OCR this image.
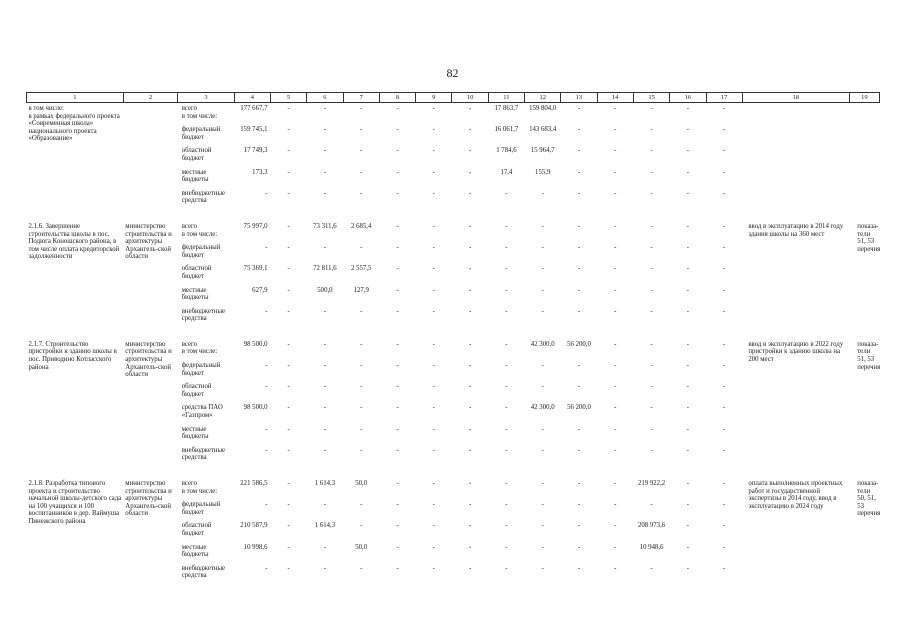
82
1	2	3	4	5	6	7	8	9	10	11	12	13	14	15	16	17	18	19
в том числе:
в рамках федерального проекта «Современная школа» национального проекта «Образование»		всего
в том числе:	177 667,7	-	-	-	-	-	-	17 863,7	159 804,0	-	-	-	-	-		
		федеральный бюджет	159 745,1	-	-	-	-	-	-	16 061,7	143 683,4	-	-	-	-	-		
		областной бюджет	17 749,3	-	-	-	-	-	-	1 784,6	15 964,7	-	-	-	-	-		
		местные бюджеты	173,3	-	-	-	-	-	-	17,4	155,9	-	-	-	-	-		
		внебюджетные средства	-	-	-	-	-	-	-	-	-	-	-	-	-	-		

2.1.6. Завершение строительства школы в пос. Подюга Коношского района, в том числе оплата кредиторской задолженности	министерство строительства и архитектуры Архангель-ской области	всего
в том числе:	75 997,0	-	73 311,6	2 685,4	-	-	-	-	-	-	-	-	-	-	ввод в эксплуатацию в 2014 году здания школы на 360 мест	показа-тели 51, 53 перечня
		федеральный бюджет	-	-	-	-	-	-	-	-	-	-	-	-	-	-		
		областной бюджет	75 369,1	-	72 811,6	2 557,5	-	-	-	-	-	-	-	-	-	-		
		местные бюджеты	627,9	-	500,0	127,9	-	-	-	-	-	-	-	-	-	-		
		внебюджетные средства	-	-	-	-	-	-	-	-	-	-	-	-	-	-		

2.1.7. Строительство пристройки к зданию школы в пос. Приводино Котласского района	министерство строительства и архитектуры Архангель-ской области	всего
в том числе:	98 500,0	-	-	-	-	-	-	-	42 300,0	56 200,0	-	-	-	-	ввод в эксплуатацию в 2022 году пристройки к зданию школы на 200 мест	показа-тели 51, 53 перечня
		федеральный бюджет	-	-	-	-	-	-	-	-	-	-	-	-	-	-		
		областной бюджет	-	-	-	-	-	-	-	-	-	-	-	-	-	-		
		средства ПАО «Газпром»	98 500,0	-	-	-	-	-	-	-	42 300,0	56 200,0	-	-	-	-		
		местные бюджеты	-	-	-	-	-	-	-	-	-	-	-	-	-	-		
		внебюджетные средства	-	-	-	-	-	-	-	-	-	-	-	-	-	-		

2.1.8. Разработка типового проекта и строительство начальной школы-детского сада на 100 учащихся и 100 воспитанников в дер. Ваймуша Пинежского района	министерство строительства и архитектуры Архангель-ской области	всего
в том числе:	221 586,5	-	1 614,3	50,0	-	-	-	-	-	-	-	219 922,2	-	-	оплата выполненных проектных работ и государственной экспертизы в 2014 году, ввод в эксплуатацию в 2024 году	показа-тели 50, 51, 53 перечня
		федеральный бюджет	-	-	-	-	-	-	-	-	-	-	-	-	-	-		
		областной бюджет	210 587,9	-	1 614,3	-	-	-	-	-	-	-	-	208 973,6	-	-		
		местные бюджеты	10 998,6	-	-	50,0	-	-	-	-	-	-	-	10 948,6	-	-		
		внебюджетные средства	-	-	-	-	-	-	-	-	-	-	-	-	-	-		
